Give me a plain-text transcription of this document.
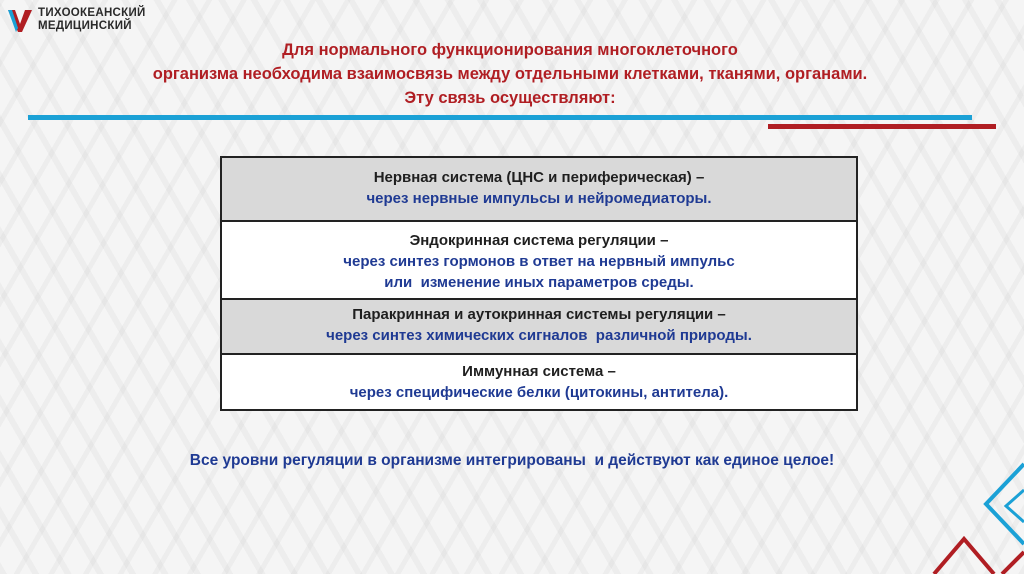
ТИХООКЕАНСКИЙ
МЕДИЦИНСКИЙ
Для нормального функционирования многоклеточного
организма необходима взаимосвязь между отдельными клетками, тканями, органами.
Эту связь осуществляют:
Нервная система (ЦНС и периферическая) –
через нервные импульсы и нейромедиаторы.
Эндокринная система регуляции –
через синтез гормонов в ответ на нервный импульс
или  изменение иных параметров среды.
Паракринная и аутокринная системы регуляции –
через синтез химических сигналов  различной природы.
Иммунная система –
через специфические белки (цитокины, антитела).
Все уровни регуляции в организме интегрированы  и действуют как единое целое!
